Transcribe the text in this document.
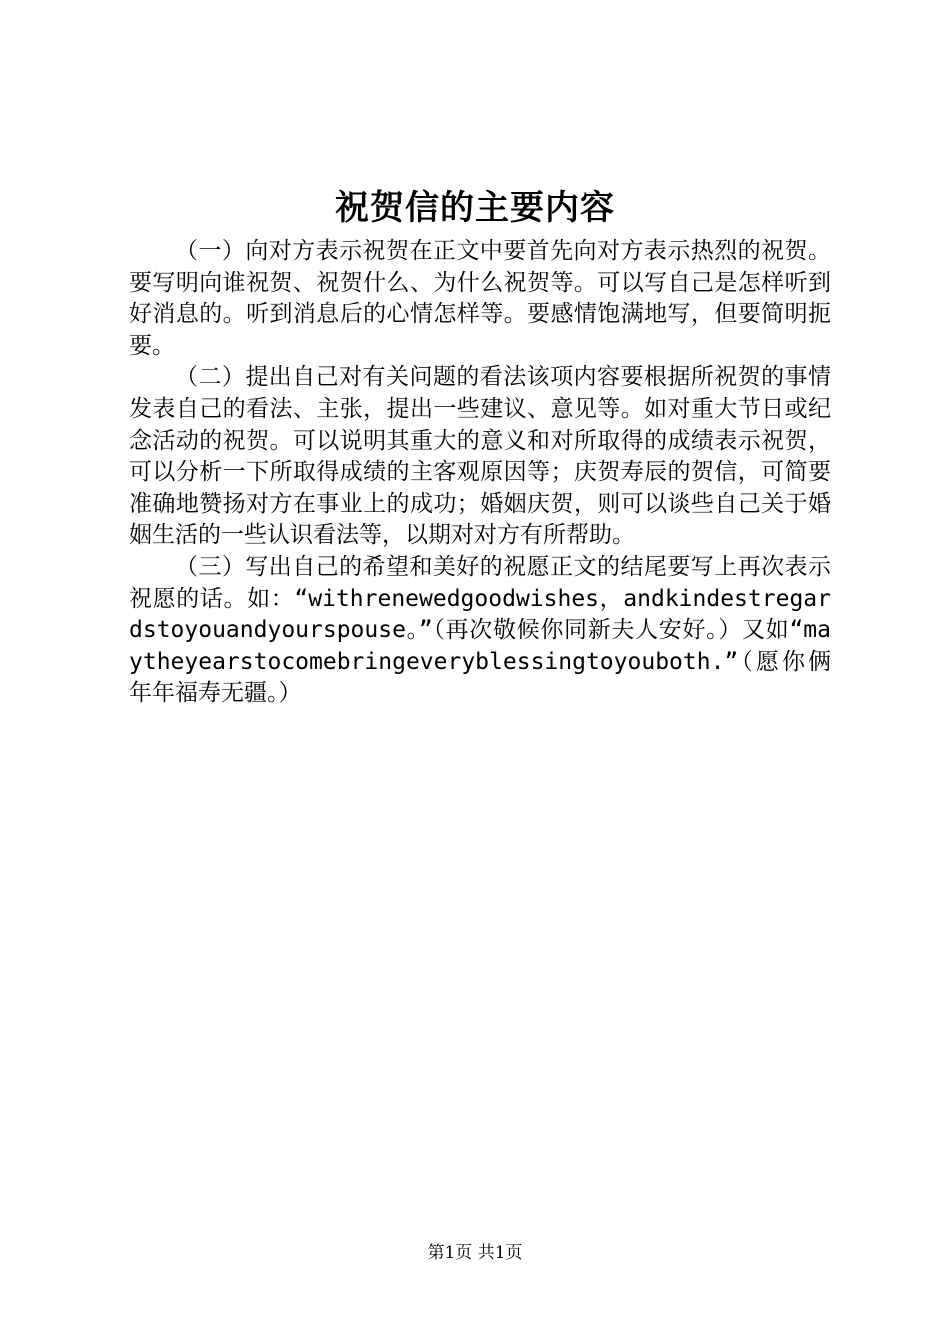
祝贺信的主要内容

（一）向对方表示祝贺在正文中要首先向对方表示热烈的祝贺。要写明向谁祝贺、祝贺什么、为什么祝贺等。可以写自己是怎样听到好消息的。听到消息后的心情怎样等。要感情饱满地写，但要简明扼要。

（二）提出自己对有关问题的看法该项内容要根据所祝贺的事情发表自己的看法、主张，提出一些建议、意见等。如对重大节日或纪念活动的祝贺。可以说明其重大的意义和对所取得的成绩表示祝贺，可以分析一下所取得成绩的主客观原因等；庆贺寿辰的贺信，可简要准确地赞扬对方在事业上的成功；婚姻庆贺，则可以谈些自己关于婚姻生活的一些认识看法等，以期对对方有所帮助。

（三）写出自己的希望和美好的祝愿正文的结尾要写上再次表示祝愿的话。如：“withrenewedgoodwishes，andkindestregardstoyouandyourspouse。”（再次敬候你同新夫人安好。）又如“maytheyearstocomebringeveryblessingtoyouboth.”（愿你俩年年福寿无疆。）

第1页 共1页
